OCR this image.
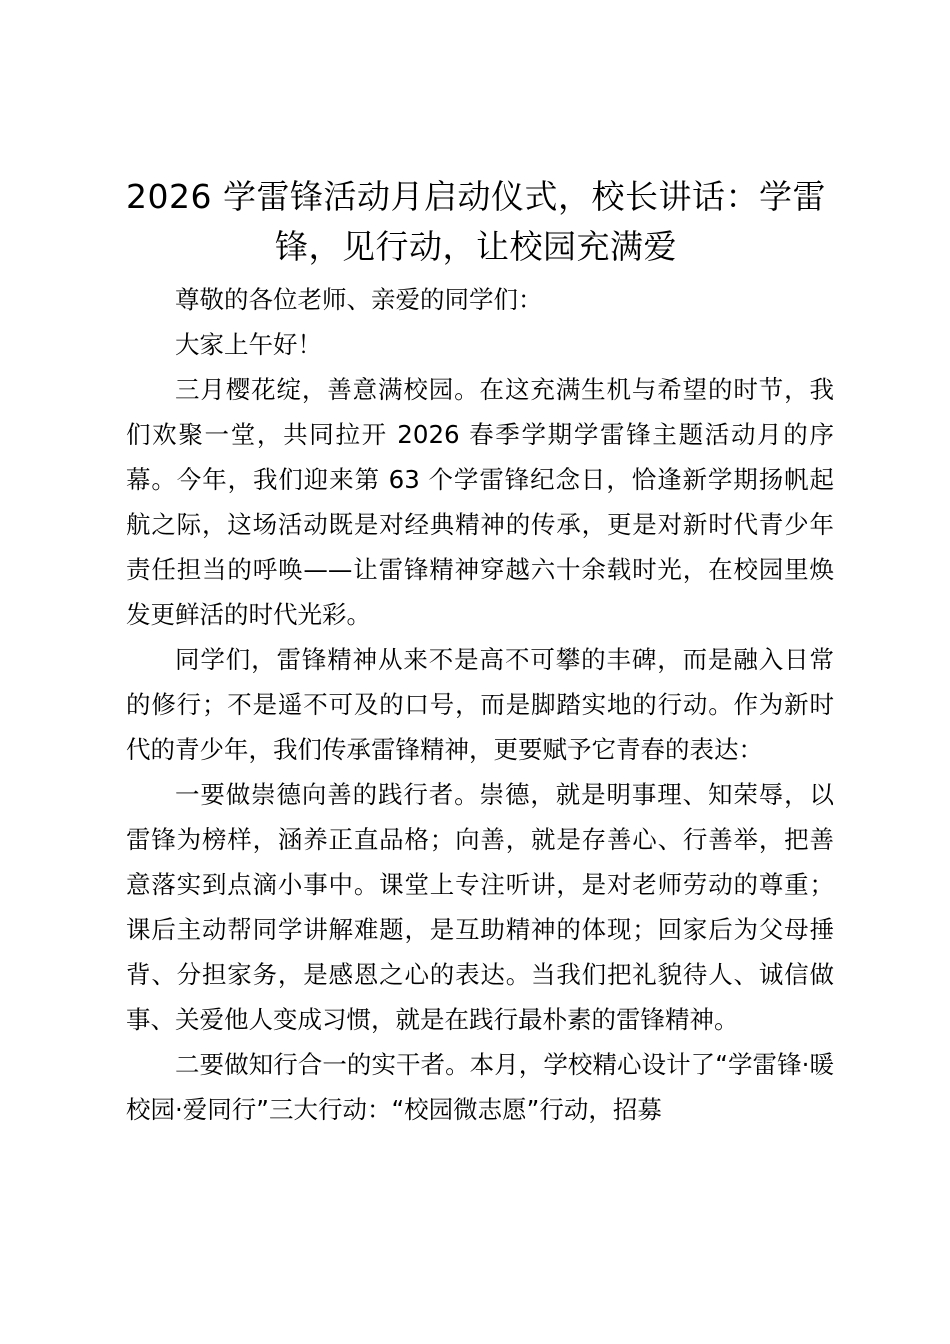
2026 学雷锋活动月启动仪式，校长讲话：学雷锋，见行动，让校园充满爱

尊敬的各位老师、亲爱的同学们：

大家上午好！

三月樱花绽，善意满校园。在这充满生机与希望的时节，我们欢聚一堂，共同拉开 2026 春季学期学雷锋主题活动月的序幕。今年，我们迎来第 63 个学雷锋纪念日，恰逢新学期扬帆起航之际，这场活动既是对经典精神的传承，更是对新时代青少年责任担当的呼唤——让雷锋精神穿越六十余载时光，在校园里焕发更鲜活的时代光彩。

同学们，雷锋精神从来不是高不可攀的丰碑，而是融入日常的修行；不是遥不可及的口号，而是脚踏实地的行动。作为新时代的青少年，我们传承雷锋精神，更要赋予它青春的表达：

一要做崇德向善的践行者。崇德，就是明事理、知荣辱，以雷锋为榜样，涵养正直品格；向善，就是存善心、行善举，把善意落实到点滴小事中。课堂上专注听讲，是对老师劳动的尊重；课后主动帮同学讲解难题，是互助精神的体现；回家后为父母捶背、分担家务，是感恩之心的表达。当我们把礼貌待人、诚信做事、关爱他人变成习惯，就是在践行最朴素的雷锋精神。

二要做知行合一的实干者。本月，学校精心设计了“学雷锋·暖校园·爱同行”三大行动：“校园微志愿”行动，招募
